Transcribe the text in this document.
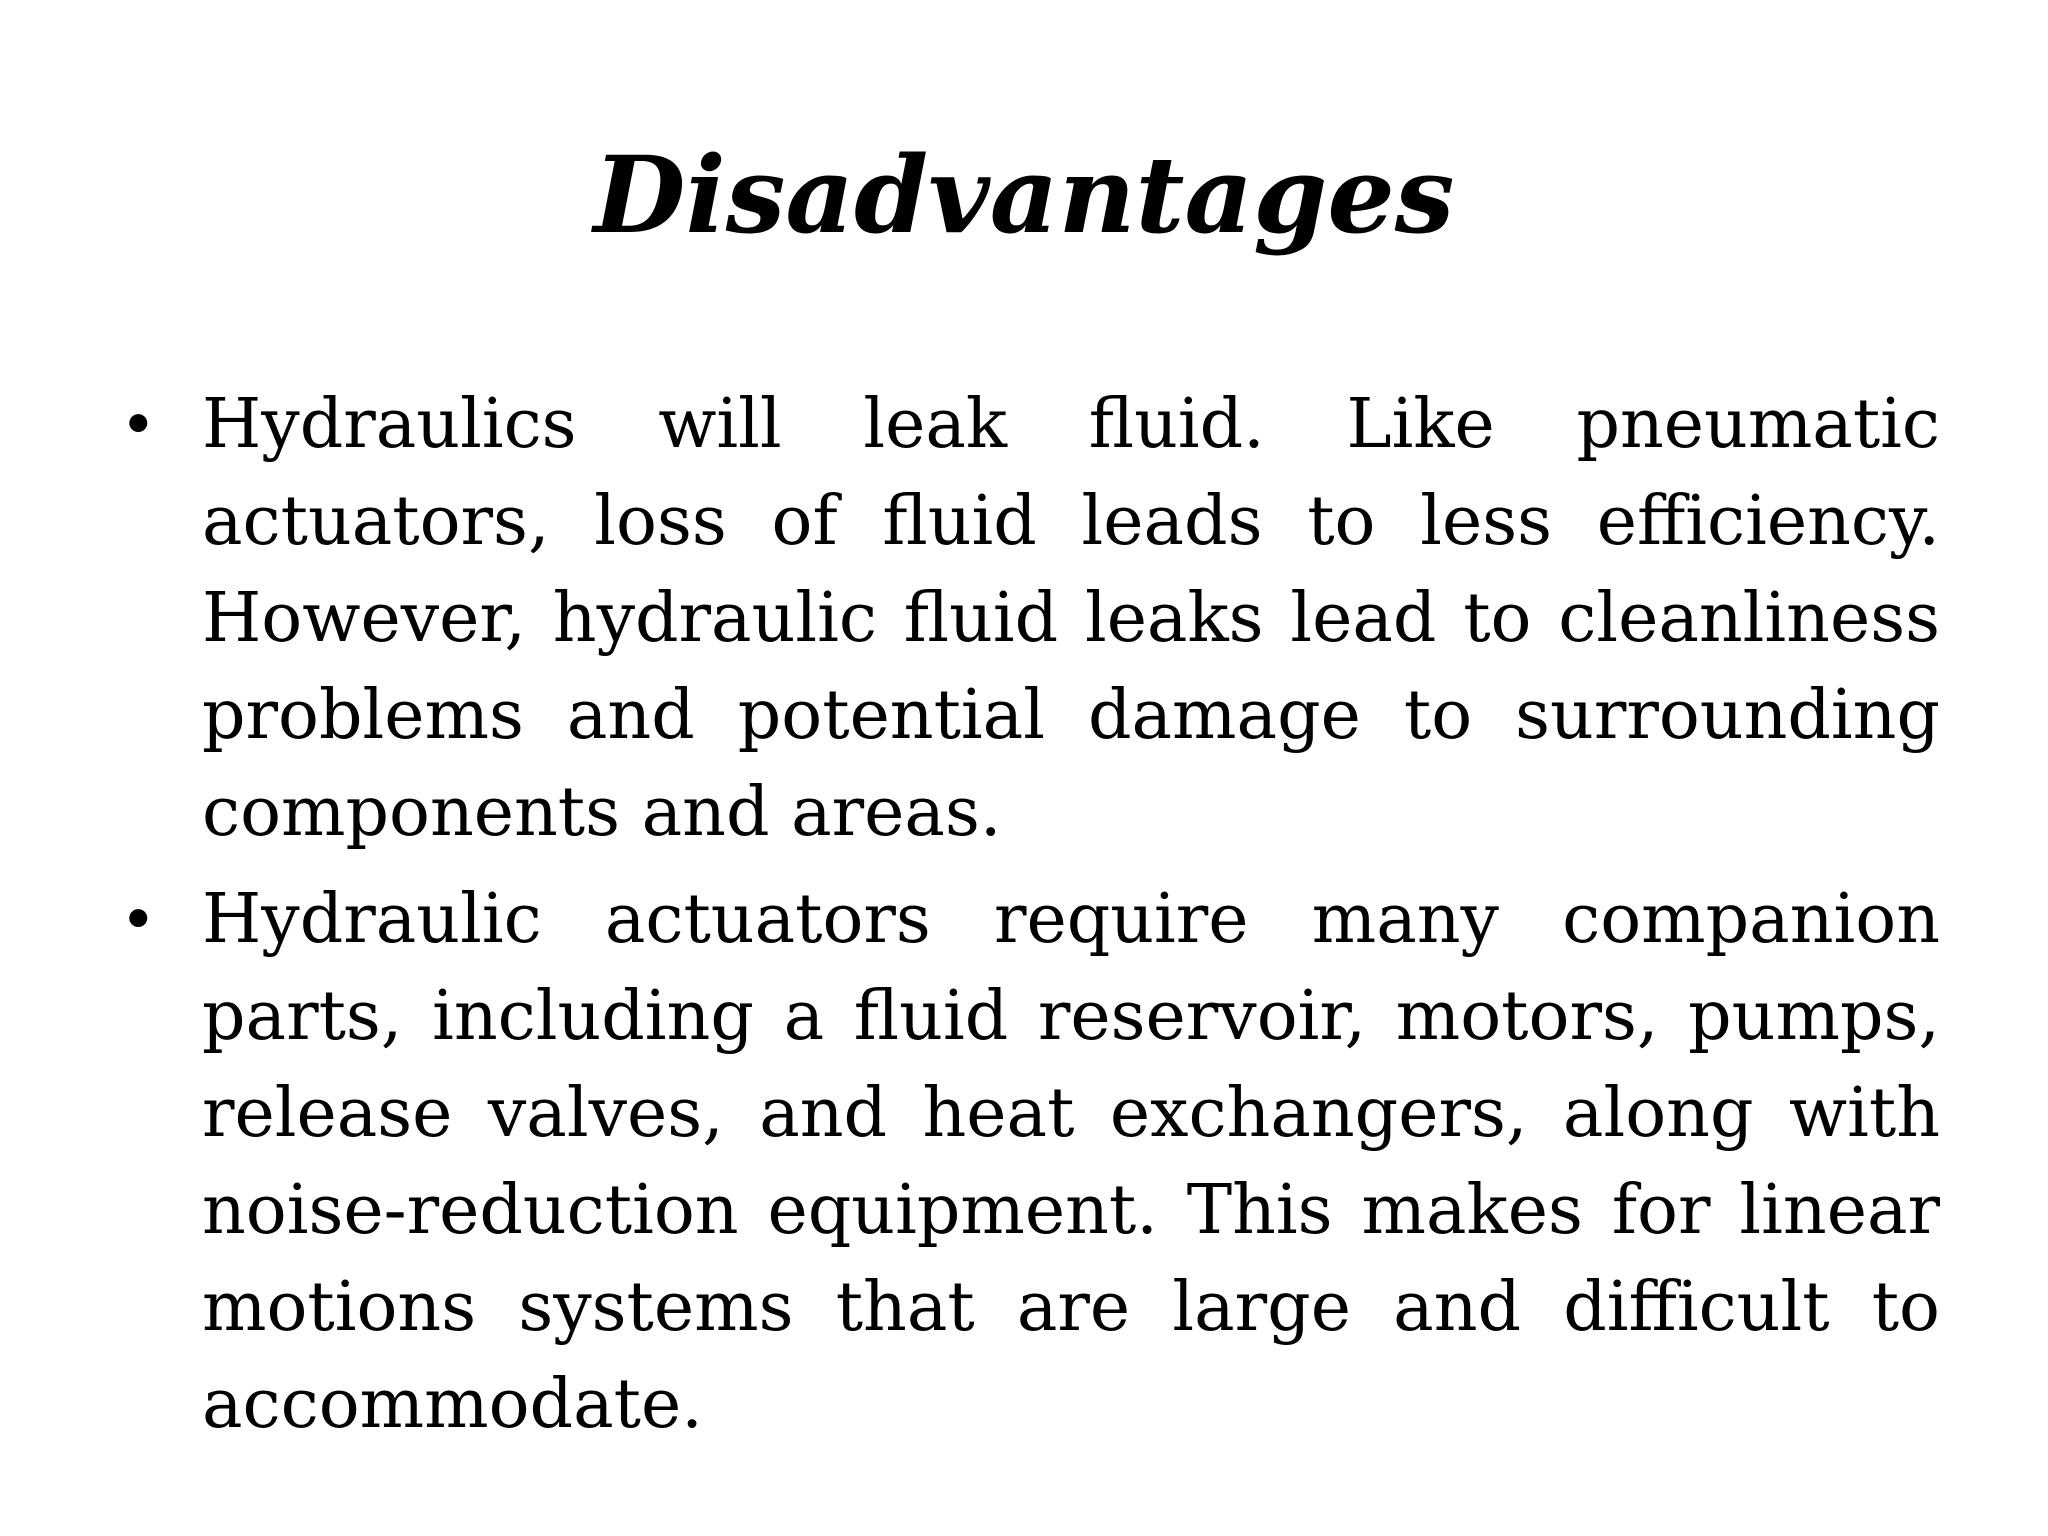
Disadvantages
• Hydraulics will leak fluid. Like pneumatic actuators, loss of fluid leads to less efficiency. However, hydraulic fluid leaks lead to cleanliness problems and potential damage to surrounding components and areas.
• Hydraulic actuators require many companion parts, including a fluid reservoir, motors, pumps, release valves, and heat exchangers, along with noise-reduction equipment. This makes for linear motions systems that are large and difficult to accommodate.
